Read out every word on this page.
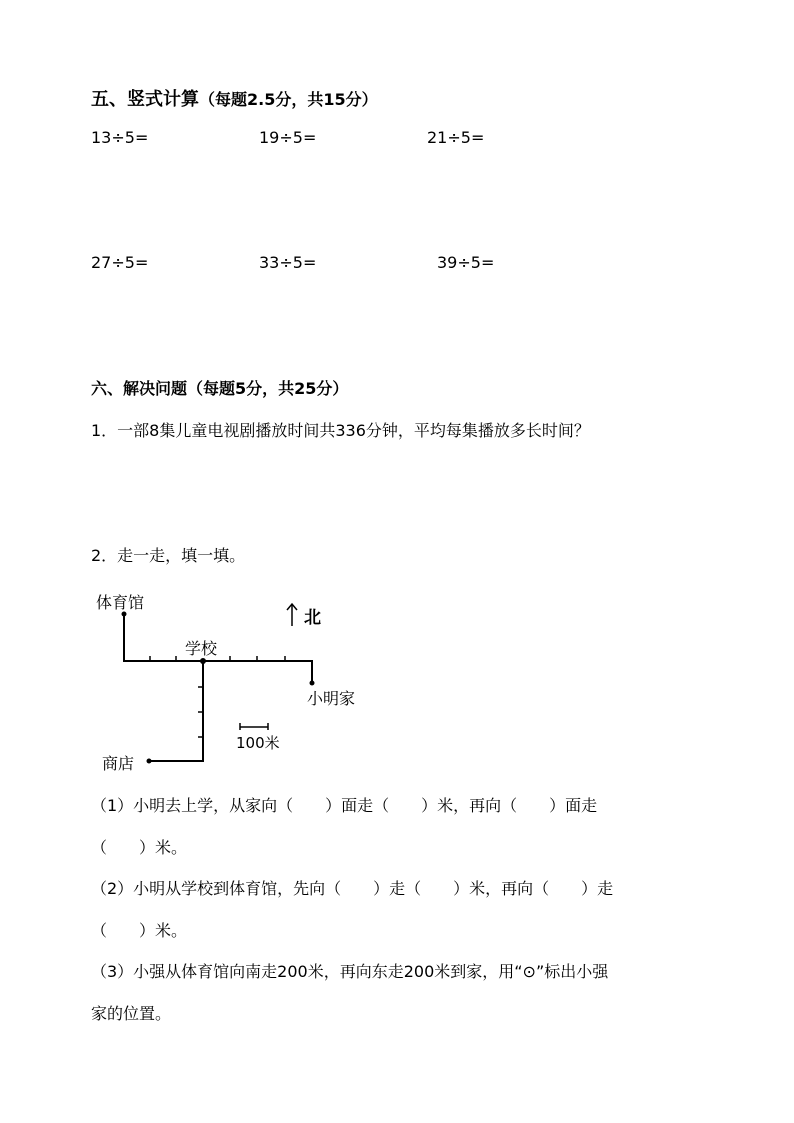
五、竖式计算（每题2.5分，共15分）
13÷5=	19÷5=	21÷5=
27÷5=	33÷5=	39÷5=
六、解决问题（每题5分，共25分）
1．一部8集儿童电视剧播放时间共336分钟，平均每集播放多长时间？
2．走一走，填一填。
体育馆
学校
北
小明家
100米
商店
（1）小明去上学，从家向（　　）面走（　　）米，再向（　　）面走
（　　）米。
（2）小明从学校到体育馆，先向（　　）走（　　）米，再向（　　）走
（　　）米。
（3）小强从体育馆向南走200米，再向东走200米到家，用“⊙”标出小强
家的位置。
